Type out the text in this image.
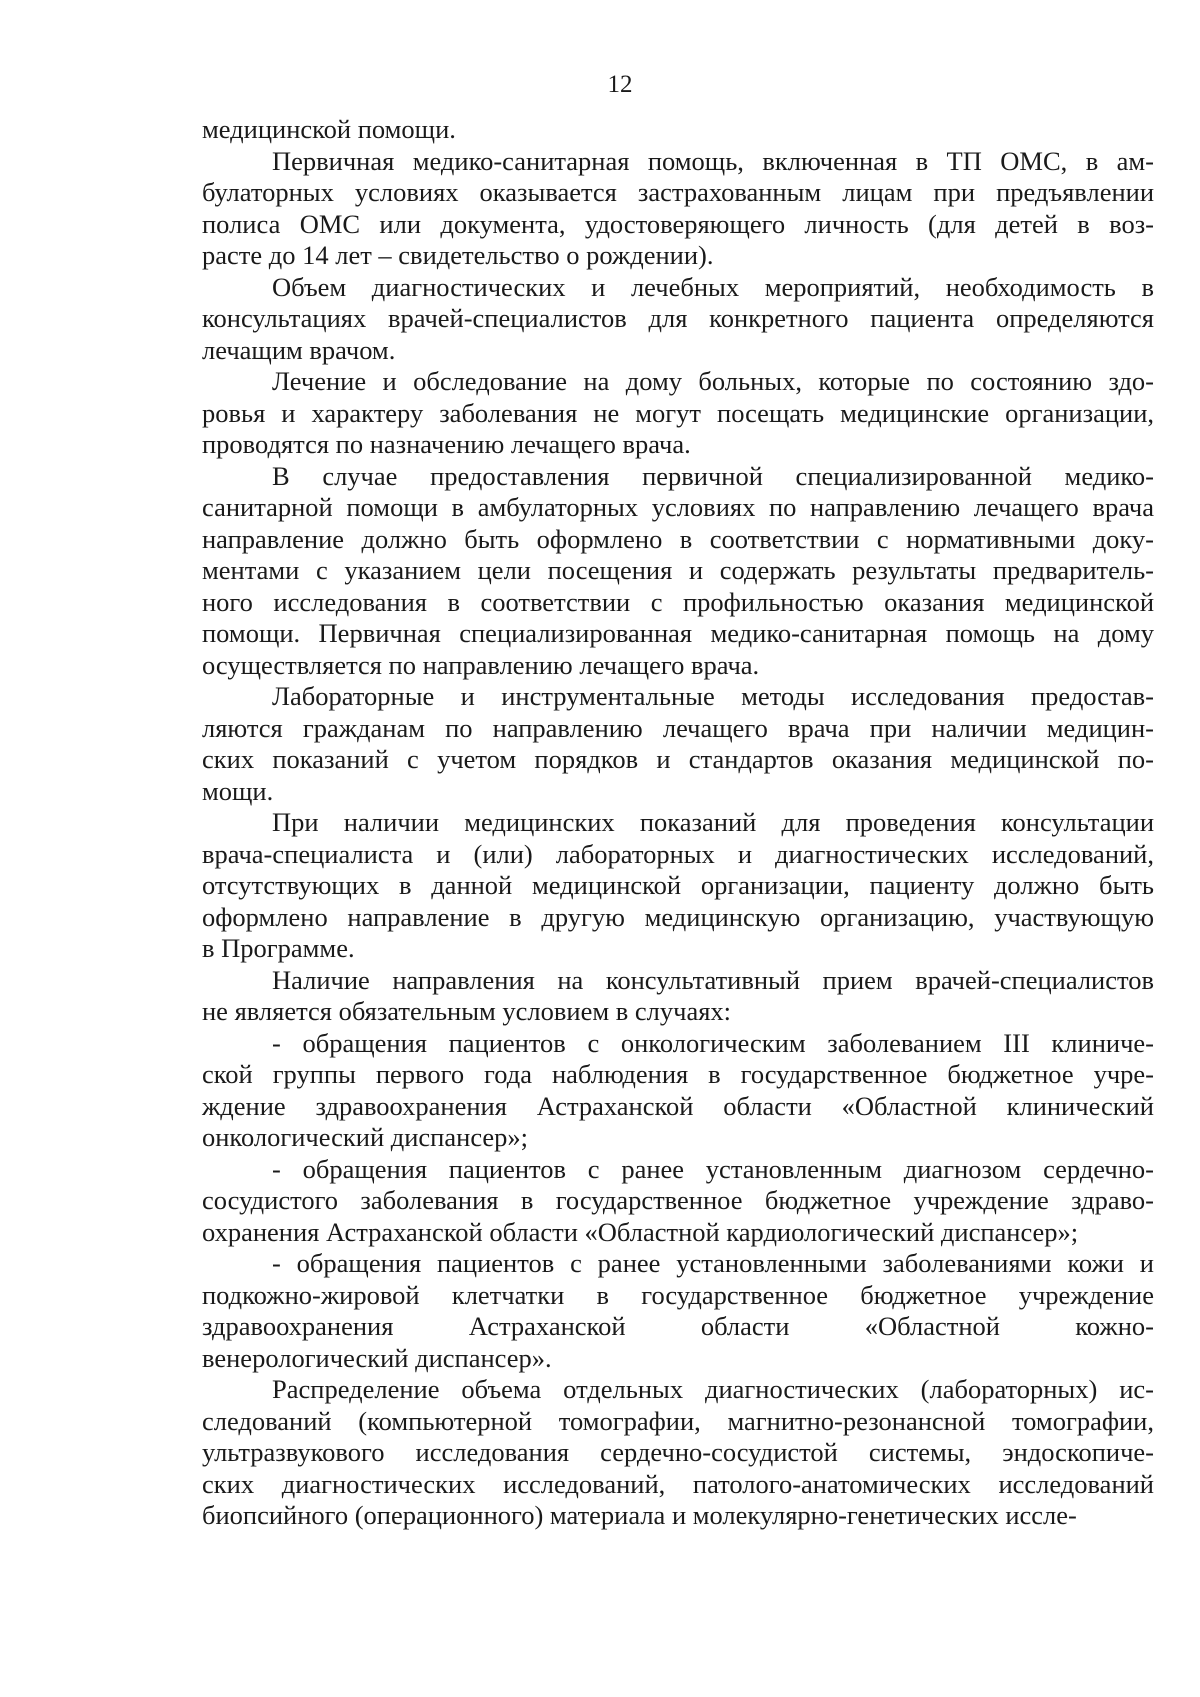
12
медицинской помощи.
Первичная медико-санитарная помощь, включенная в ТП ОМС, в ам-
булаторных условиях оказывается застрахованным лицам при предъявлении
полиса ОМС или документа, удостоверяющего личность (для детей в воз-
расте до 14 лет – свидетельство о рождении).
Объем диагностических и лечебных мероприятий, необходимость в
консультациях врачей-специалистов для конкретного пациента определяются
лечащим врачом.
Лечение и обследование на дому больных, которые по состоянию здо-
ровья и характеру заболевания не могут посещать медицинские организации,
проводятся по назначению лечащего врача.
В случае предоставления первичной специализированной медико-
санитарной помощи в амбулаторных условиях по направлению лечащего врача
направление должно быть оформлено в соответствии с нормативными доку-
ментами с указанием цели посещения и содержать результаты предваритель-
ного исследования в соответствии с профильностью оказания медицинской
помощи. Первичная специализированная медико-санитарная помощь на дому
осуществляется по направлению лечащего врача.
Лабораторные и инструментальные методы исследования предостав-
ляются гражданам по направлению лечащего врача при наличии медицин-
ских показаний с учетом порядков и стандартов оказания медицинской по-
мощи.
При наличии медицинских показаний для проведения консультации
врача-специалиста и (или) лабораторных и диагностических исследований,
отсутствующих в данной медицинской организации, пациенту должно быть
оформлено направление в другую медицинскую организацию, участвующую
в Программе.
Наличие направления на консультативный прием врачей-специалистов
не является обязательным условием в случаях:
- обращения пациентов с онкологическим заболеванием III клиниче-
ской группы первого года наблюдения в государственное бюджетное учре-
ждение здравоохранения Астраханской области «Областной клинический
онкологический диспансер»;
- обращения пациентов с ранее установленным диагнозом сердечно-
сосудистого заболевания в государственное бюджетное учреждение здраво-
охранения Астраханской области «Областной кардиологический диспансер»;
- обращения пациентов с ранее установленными заболеваниями кожи и
подкожно-жировой клетчатки в государственное бюджетное учреждение
здравоохранения Астраханской области «Областной кожно-
венерологический диспансер».
Распределение объема отдельных диагностических (лабораторных) ис-
следований (компьютерной томографии, магнитно-резонансной томографии,
ультразвукового исследования сердечно-сосудистой системы, эндоскопиче-
ских диагностических исследований, патолого-анатомических исследований
биопсийного (операционного) материала и молекулярно-генетических иссле-
